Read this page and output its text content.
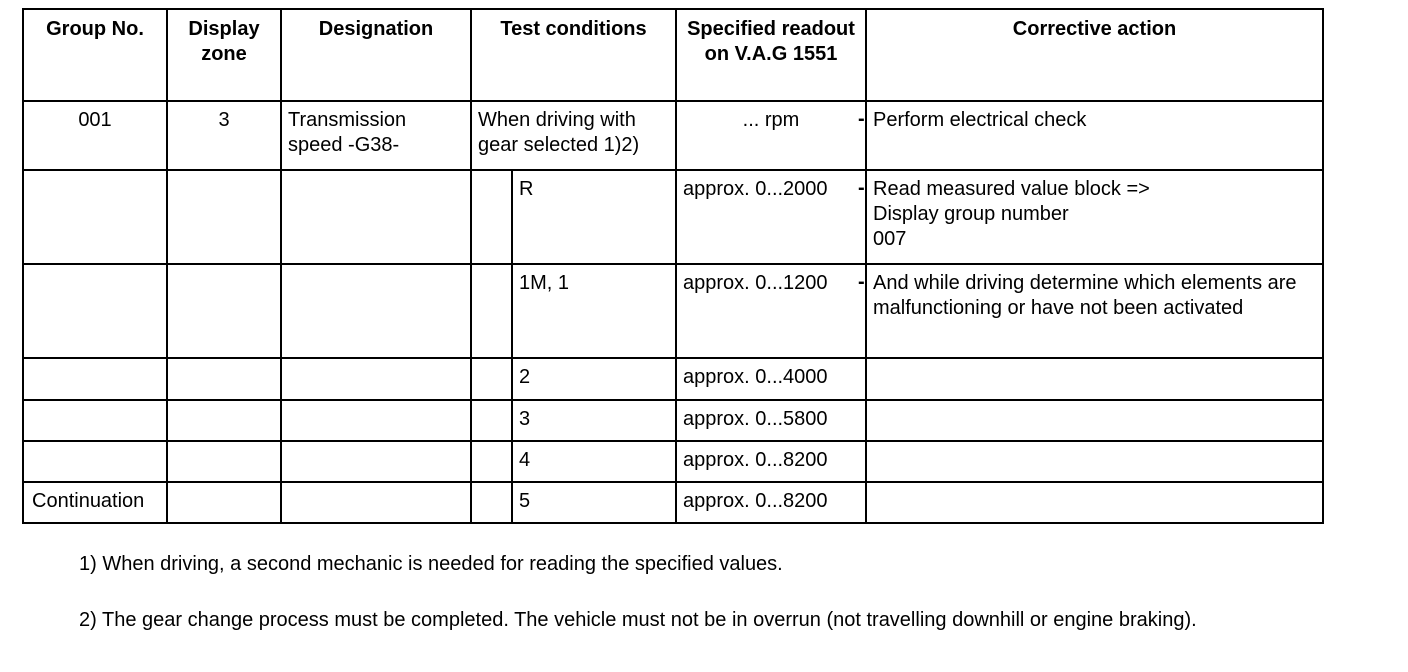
Group No.	Display zone	Designation	Test conditions		Specified readout on V.A.G 1551	Corrective action
001	3	Transmission speed -G38-	When driving with gear selected 1)2)		... rpm	- Perform electrical check

				R	approx. 0...2000	- Read measured value block =>
Display group number
007

				1M, 1	approx. 0...1200	- And while driving determine which elements are malfunctioning or have not been activated

				2	approx. 0...4000	
				3	approx. 0...5800	
				4	approx. 0...8200	
Continuation				5	approx. 0...8200	

1) When driving, a second mechanic is needed for reading the specified values.

2) The gear change process must be completed. The vehicle must not be in overrun (not travelling downhill or engine braking).
